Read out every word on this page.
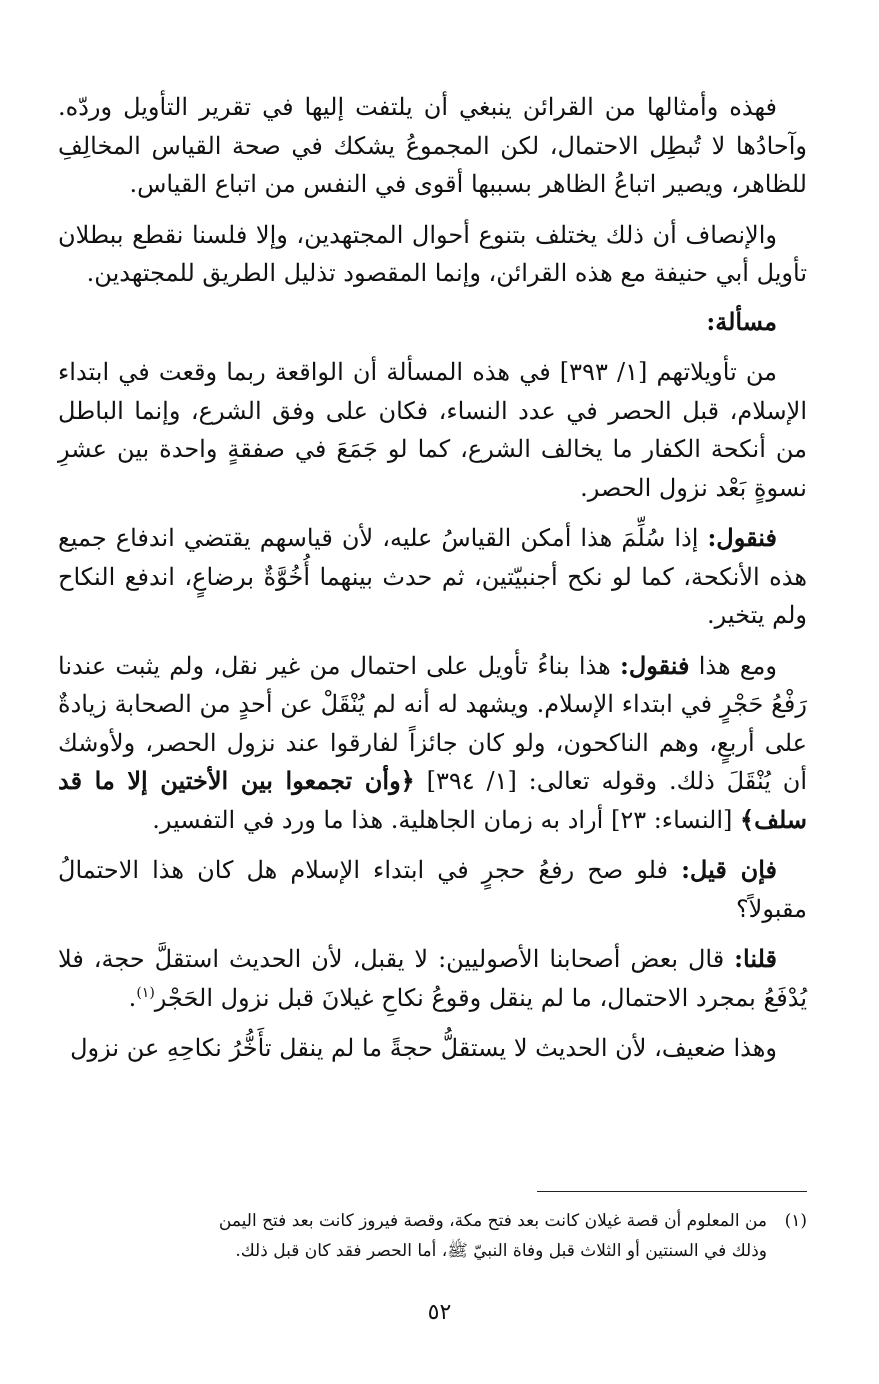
فهذه وأمثالها من القرائن ينبغي أن يلتفت إليها في تقرير التأويل وردّه. وآحادُها لا تُبطِل الاحتمال، لكن المجموعُ يشكك في صحة القياس المخالِفِ للظاهر، ويصير اتباعُ الظاهر بسببها أقوى في النفس من اتباع القياس.

والإنصاف أن ذلك يختلف بتنوع أحوال المجتهدين، وإلا فلسنا نقطع ببطلان تأويل أبي حنيفة مع هذه القرائن، وإنما المقصود تذليل الطريق للمجتهدين.

مسألة:

من تأويلاتهم [١/ ٣٩٣] في هذه المسألة أن الواقعة ربما وقعت في ابتداء الإسلام، قبل الحصر في عدد النساء، فكان على وفق الشرع، وإنما الباطل من أنكحة الكفار ما يخالف الشرع، كما لو جَمَعَ في صفقةٍ واحدة بين عشرِ نسوةٍ بَعْد نزول الحصر.

فنقول: إذا سُلِّمَ هذا أمكن القياسُ عليه، لأن قياسهم يقتضي اندفاع جميع هذه الأنكحة، كما لو نكح أجنبيّتين، ثم حدث بينهما أُخُوَّةٌ برضاعٍ، اندفع النكاح ولم يتخير.

ومع هذا فنقول: هذا بناءُ تأويل على احتمال من غير نقل، ولم يثبت عندنا رَفْعُ حَجْرٍ في ابتداء الإسلام. ويشهد له أنه لم يُنْقَلْ عن أحدٍ من الصحابة زيادةٌ على أربعٍ، وهم الناكحون، ولو كان جائزاً لفارقوا عند نزول الحصر، ولأوشك أن يُنْقَلَ ذلك. وقوله تعالى: [١/ ٣٩٤] ﴿وأن تجمعوا بين الأختين إلا ما قد سلف﴾ [النساء: ٢٣] أراد به زمان الجاهلية. هذا ما ورد في التفسير.

فإن قيل: فلو صح رفعُ حجرٍ في ابتداء الإسلام هل كان هذا الاحتمالُ مقبولاً؟

قلنا: قال بعض أصحابنا الأصوليين: لا يقبل، لأن الحديث استقلَّ حجة، فلا يُدْفَعُ بمجرد الاحتمال، ما لم ينقل وقوعُ نكاحِ غيلانَ قبل نزول الحَجْر$^{(١)}$.

وهذا ضعيف، لأن الحديث لا يستقلُّ حجةً ما لم ينقل تأَخُّرُ نكاحِهِ عن نزول

(١)من المعلوم أن قصة غيلان كانت بعد فتح مكة، وقصة فيروز كانت بعد فتح اليمن
وذلك في السنتين أو الثلاث قبل وفاة النبيّ ﷺ، أما الحصر فقد كان قبل ذلك.
٥٢
